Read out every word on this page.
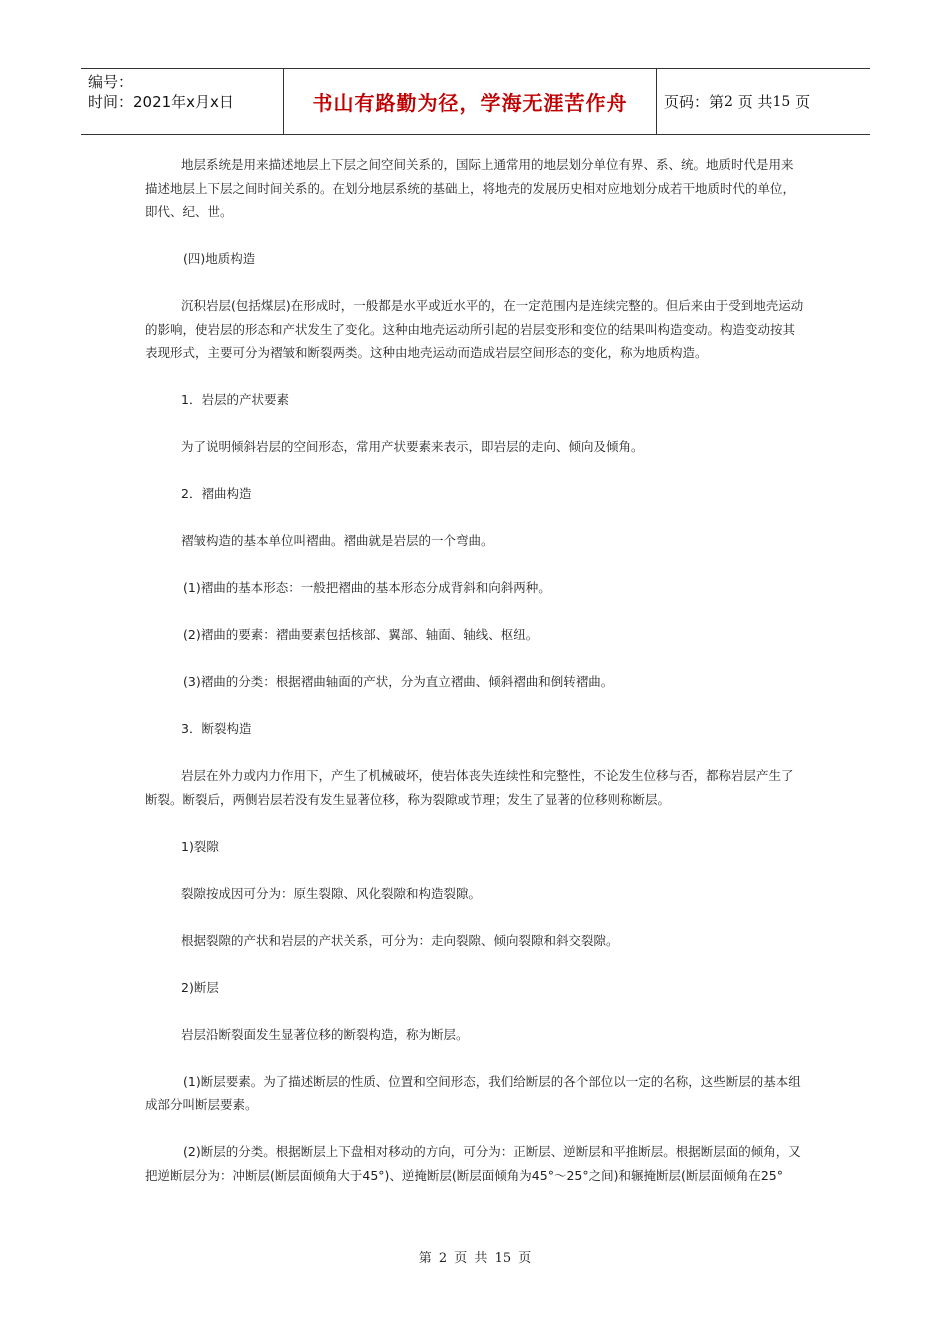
编号：
时间：2021年x月x日	书山有路勤为径，学海无涯苦作舟	页码：第 2
页 共 15
页

地层系统是用来描述地层上下层之间空间关系的，国际上通常用的地层划分单位有界、系、统。地质时代是用来描述地层上下层之间时间关系的。在划分地层系统的基础上，将地壳的发展历史相对应地划分成若干地质时代的单位，即代、纪、世。

(四)地质构造

沉积岩层(包括煤层)在形成时，一般都是水平或近水平的，在一定范围内是连续完整的。但后来由于受到地壳运动的影响，使岩层的形态和产状发生了变化。这种由地壳运动所引起的岩层变形和变位的结果叫构造变动。构造变动按其表现形式，主要可分为褶皱和断裂两类。这种由地壳运动而造成岩层空间形态的变化，称为地质构造。

1．岩层的产状要素

为了说明倾斜岩层的空间形态，常用产状要素来表示，即岩层的走向、倾向及倾角。

2．褶曲构造

褶皱构造的基本单位叫褶曲。褶曲就是岩层的一个弯曲。

(1)褶曲的基本形态：一般把褶曲的基本形态分成背斜和向斜两种。

(2)褶曲的要素：褶曲要素包括核部、翼部、轴面、轴线、枢纽。

(3)褶曲的分类：根据褶曲轴面的产状，分为直立褶曲、倾斜褶曲和倒转褶曲。

3．断裂构造

岩层在外力或内力作用下，产生了机械破坏，使岩体丧失连续性和完整性，不论发生位移与否，都称岩层产生了断裂。断裂后，两侧岩层若没有发生显著位移，称为裂隙或节理；发生了显著的位移则称断层。

1)裂隙

裂隙按成因可分为：原生裂隙、风化裂隙和构造裂隙。

根据裂隙的产状和岩层的产状关系，可分为：走向裂隙、倾向裂隙和斜交裂隙。

2)断层

岩层沿断裂面发生显著位移的断裂构造，称为断层。

(1)断层要素。为了描述断层的性质、位置和空间形态，我们给断层的各个部位以一定的名称，这些断层的基本组成部分叫断层要素。

(2)断层的分类。根据断层上下盘相对移动的方向，可分为：正断层、逆断层和平推断层。根据断层面的倾角，又把逆断层分为：冲断层(断层面倾角大于45°)、逆掩断层(断层面倾角为45°～25°之间)和辗掩断层(断层面倾角在25°

第 2 页 共 15 页
